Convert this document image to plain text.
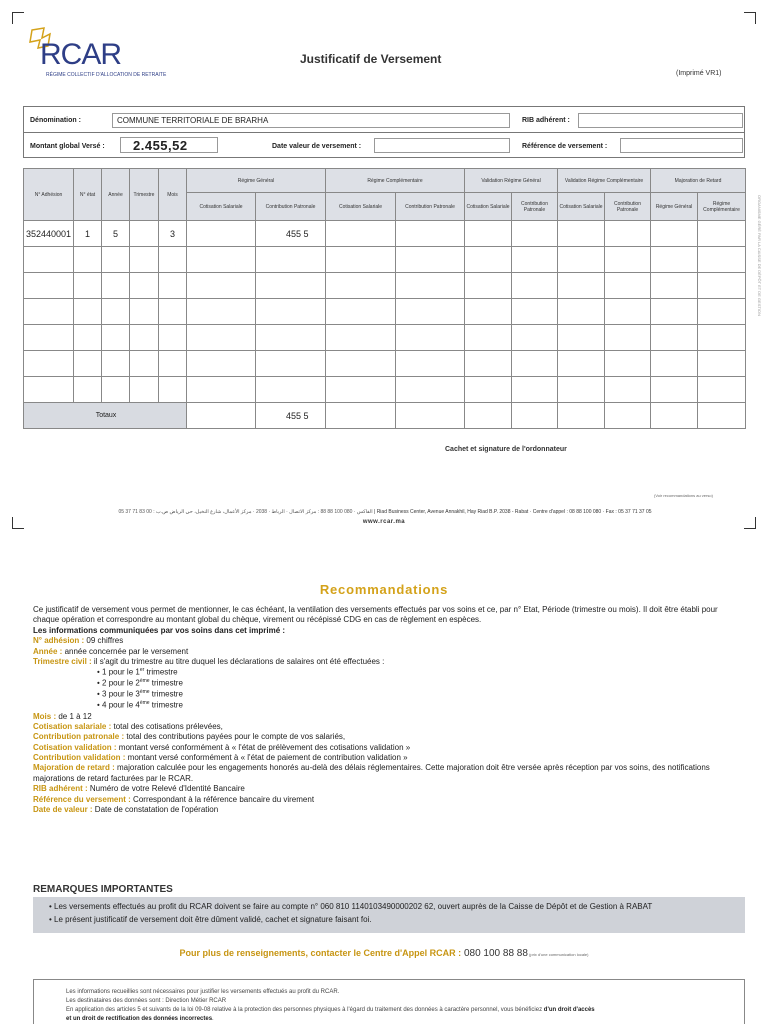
RCAR
RÉGIME COLLECTIF D'ALLOCATION DE RETRAITE
Justificatif de Versement
(Imprimé VR1)
Dénomination :	COMMUNE TERRITORIALE DE BRARHA	RIB adhérent :
Montant global Versé :	2.455,52	Date valeur de versement :	Référence de versement :
N° Adhésion	N° état	Année	Trimestre	Mois	Régime Général		Régime Complémentaire		Validation Régime Général		Validation Régime Complémentaire		Majoration de Retard	
					Cotisation Salariale	Contribution Patronale	Cotisation Salariale	Contribution Patronale	Cotisation Salariale	Contribution Patronale	Cotisation Salariale	Contribution Patronale	Régime Général	Régime Complémentaire
352440001	1	5		3		455 5								

Totaux						455 5								
ORGANISME GÉRÉ PAR LA CAISSE DE DÉPÔT ET DE GESTION
Cachet et signature de l'ordonnateur
(Voir recommandations au verso)
05 37 71 83 00 : الفاكس · 080 100 88 88 : مركز الاتصال · الرباط · 2038 · مركز الأعمال، شارع النخيل، حي الرياض ص.ب | Riad Business Center, Avenue Annakhil, Hay Riad B.P. 2038 - Rabat · Centre d'appel : 08 88 100 080 · Fax : 05 37 71 37 05
www.rcar.ma
Recommandations

Ce justificatif de versement vous permet de mentionner, le cas échéant, la ventilation des versements effectués par vos soins et ce, par n° Etat, Période (trimestre ou mois). Il doit être établi pour chaque opération et correspondre au montant global du chèque, virement ou récépissé CDG en cas de règlement en espèces.

Les informations communiquées par vos soins dans cet imprimé :

N° adhésion : 09 chiffres

Année : année concernée par le versement

Trimestre civil : il s'agit du trimestre au titre duquel les déclarations de salaires ont été effectuées :

• 1 pour le 1er trimestre

• 2 pour le 2ème trimestre

• 3 pour le 3ème trimestre

• 4 pour le 4ème trimestre

Mois : de 1 à 12

Cotisation salariale : total des cotisations prélevées,

Contribution patronale : total des contributions payées pour le compte de vos salariés,

Cotisation validation : montant versé conformément à « l'état de prélèvement des cotisations validation »

Contribution validation : montant versé conformément à « l'état de paiement de contribution validation »

Majoration de retard : majoration calculée pour les engagements honorés au-delà des délais réglementaires. Cette majoration doit être versée après réception par vos soins, des notifications majorations de retard facturées par le RCAR.

RIB adhérent : Numéro de votre Relevé d'Identité Bancaire

Référence du versement : Correspondant à la référence bancaire du virement

Date de valeur : Date de constatation de l'opération

REMARQUES IMPORTANTES
• Les versements effectués au profit du RCAR doivent se faire au compte n° 060 810 1140103490000202 62, ouvert auprès de la Caisse de Dépôt et de Gestion à RABAT
• Le présent justificatif de versement doit être dûment validé, cachet et signature faisant foi.
Pour plus de renseignements, contacter le Centre d'Appel RCAR : 080 100 88 88 (prix d'une communication locale)
Les informations recueillies sont nécessaires pour justifier les versements effectués au profit du RCAR.
Les destinataires des données sont : Direction Métier RCAR
En application des articles 5 et suivants de la loi 09-08 relative à la protection des personnes physiques à l'égard du traitement des données à caractère personnel, vous bénéficiez d'un droit d'accès
et un droit de rectification des données incorrectes.
